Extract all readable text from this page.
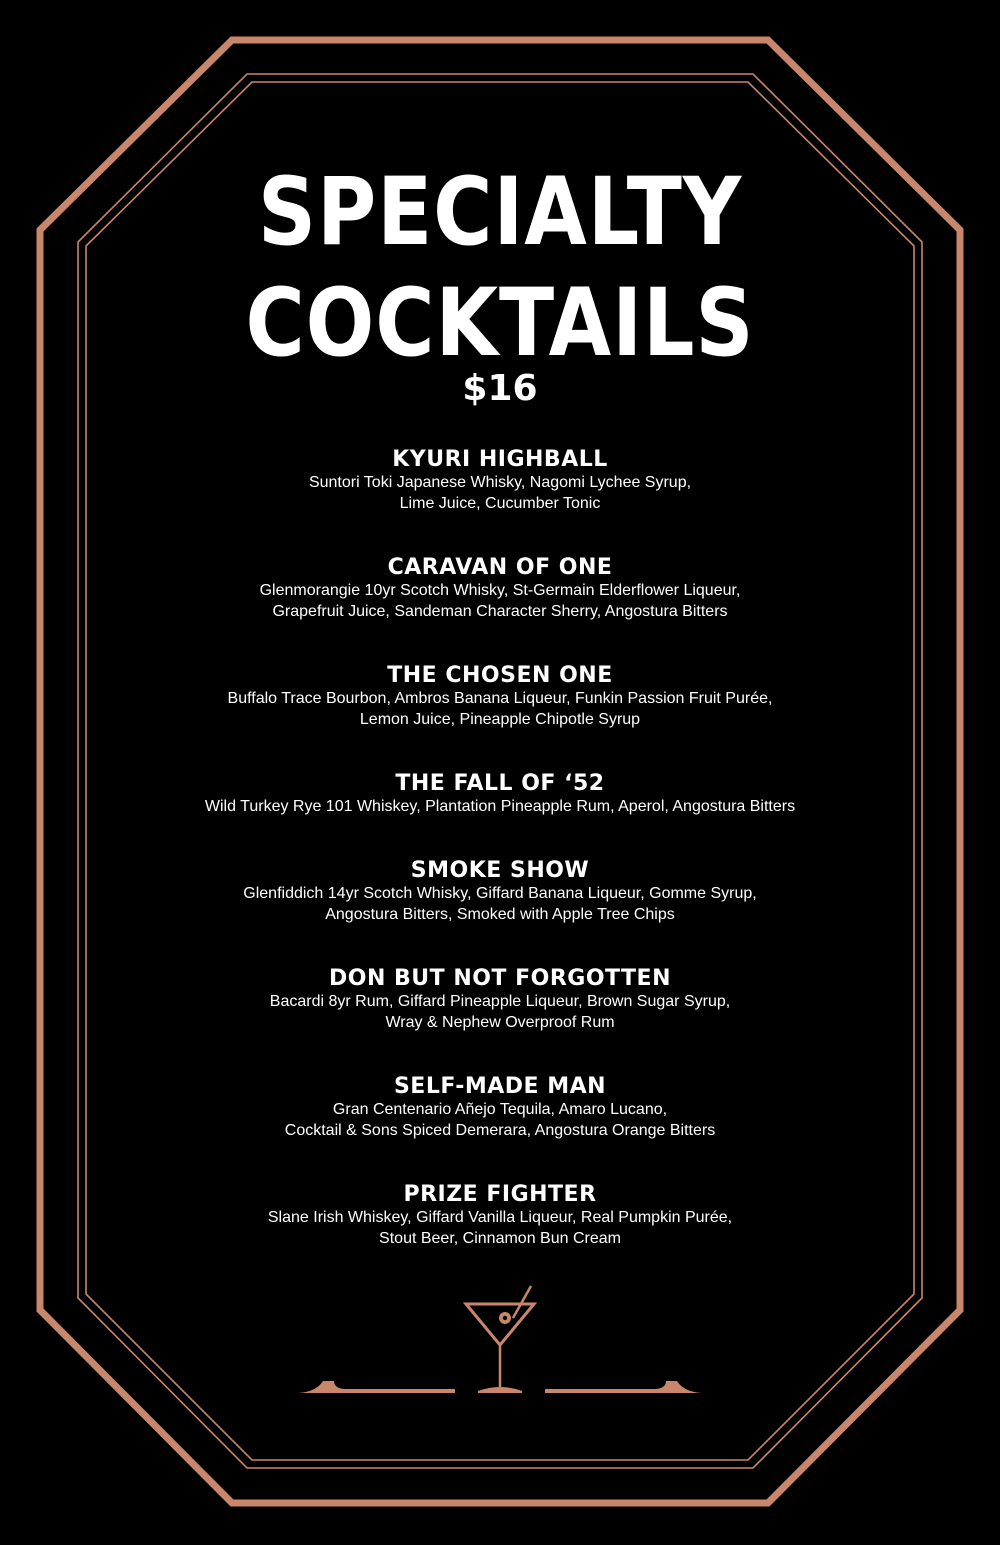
SPECIALTY
COCKTAILS
$16

KYURI HIGHBALL

Suntori Toki Japanese Whisky, Nagomi Lychee Syrup,
Lime Juice, Cucumber Tonic

CARAVAN OF ONE

Glenmorangie 10yr Scotch Whisky, St-Germain Elderflower Liqueur,
Grapefruit Juice, Sandeman Character Sherry, Angostura Bitters

THE CHOSEN ONE

Buffalo Trace Bourbon, Ambros Banana Liqueur, Funkin Passion Fruit Purée,
Lemon Juice, Pineapple Chipotle Syrup

THE FALL OF ‘52

Wild Turkey Rye 101 Whiskey, Plantation Pineapple Rum, Aperol, Angostura Bitters

SMOKE SHOW

Glenfiddich 14yr Scotch Whisky, Giffard Banana Liqueur, Gomme Syrup,
Angostura Bitters, Smoked with Apple Tree Chips

DON BUT NOT FORGOTTEN

Bacardi 8yr Rum, Giffard Pineapple Liqueur, Brown Sugar Syrup,
Wray & Nephew Overproof Rum

SELF-MADE MAN

Gran Centenario Añejo Tequila, Amaro Lucano,
Cocktail & Sons Spiced Demerara, Angostura Orange Bitters

PRIZE FIGHTER

Slane Irish Whiskey, Giffard Vanilla Liqueur, Real Pumpkin Purée,
Stout Beer, Cinnamon Bun Cream
